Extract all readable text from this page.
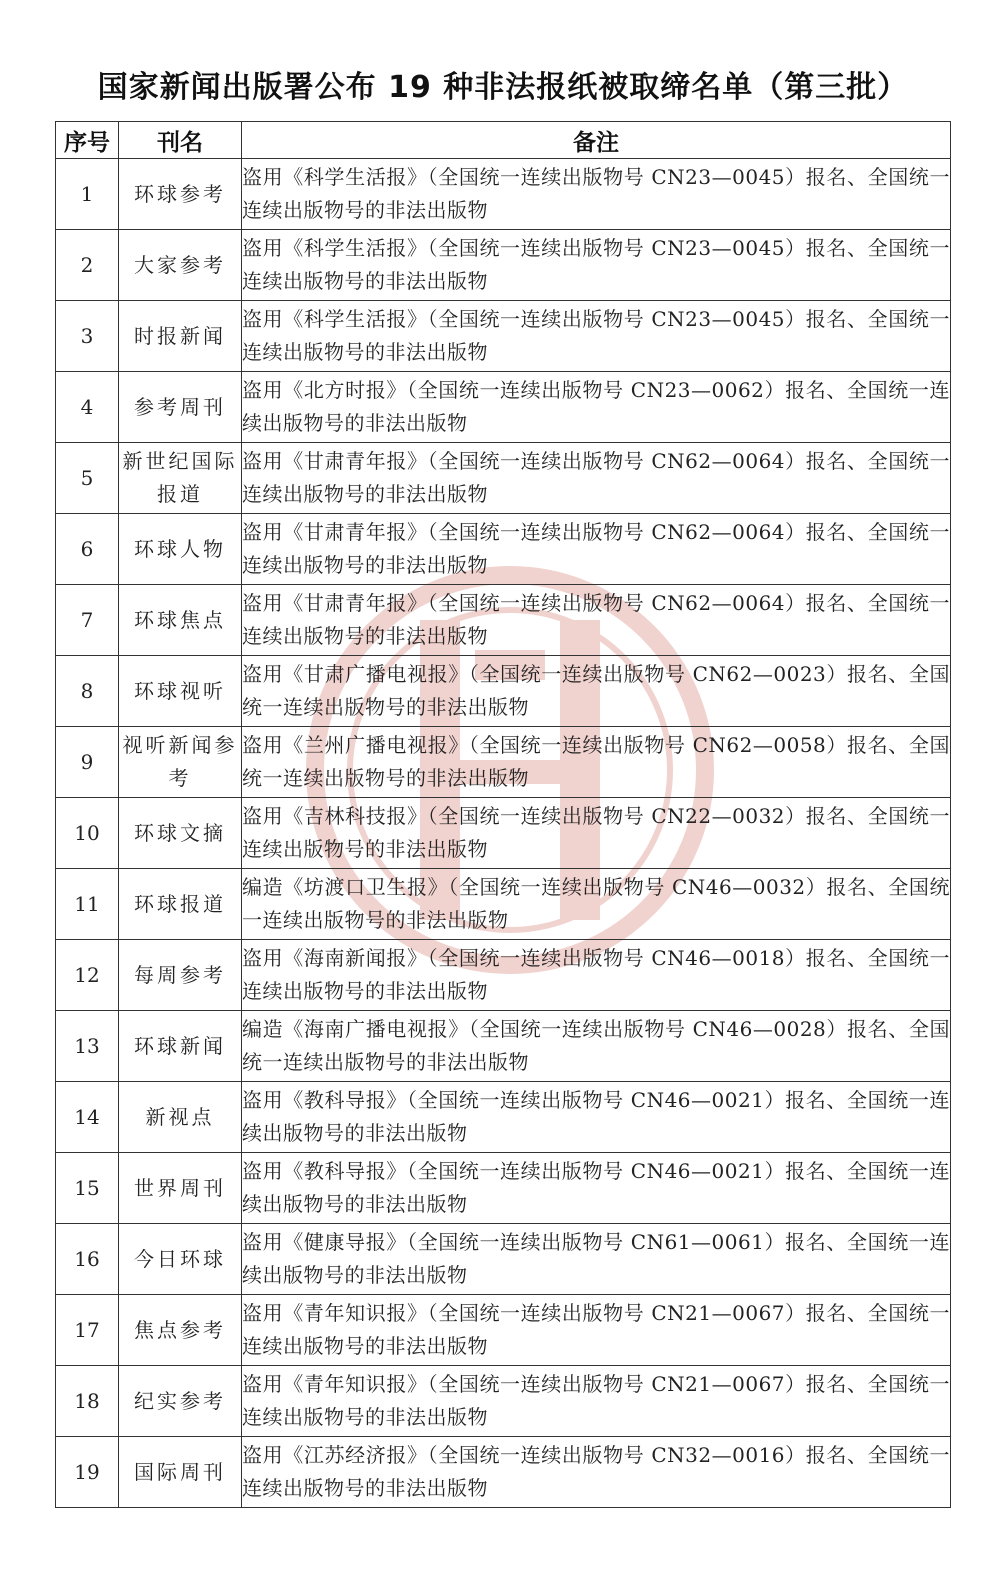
国家新闻出版署公布 19 种非法报纸被取缔名单（第三批）
序号	刊名	备注
1	环球参考	盗用《科学生活报》（全国统一连续出版物号 CN23—0045）报名、全国统一连续出版物号的非法出版物
2	大家参考	盗用《科学生活报》（全国统一连续出版物号 CN23—0045）报名、全国统一连续出版物号的非法出版物
3	时报新闻	盗用《科学生活报》（全国统一连续出版物号 CN23—0045）报名、全国统一连续出版物号的非法出版物
4	参考周刊	盗用《北方时报》（全国统一连续出版物号 CN23—0062）报名、全国统一连续出版物号的非法出版物
5	新世纪国际报道	盗用《甘肃青年报》（全国统一连续出版物号 CN62—0064）报名、全国统一连续出版物号的非法出版物
6	环球人物	盗用《甘肃青年报》（全国统一连续出版物号 CN62—0064）报名、全国统一连续出版物号的非法出版物
7	环球焦点	盗用《甘肃青年报》（全国统一连续出版物号 CN62—0064）报名、全国统一连续出版物号的非法出版物
8	环球视听	盗用《甘肃广播电视报》（全国统一连续出版物号 CN62—0023）报名、全国统一连续出版物号的非法出版物
9	视听新闻参考	盗用《兰州广播电视报》（全国统一连续出版物号 CN62—0058）报名、全国统一连续出版物号的非法出版物
10	环球文摘	盗用《吉林科技报》（全国统一连续出版物号 CN22—0032）报名、全国统一连续出版物号的非法出版物
11	环球报道	编造《坊渡口卫生报》（全国统一连续出版物号 CN46—0032）报名、全国统一连续出版物号的非法出版物
12	每周参考	盗用《海南新闻报》（全国统一连续出版物号 CN46—0018）报名、全国统一连续出版物号的非法出版物
13	环球新闻	编造《海南广播电视报》（全国统一连续出版物号 CN46—0028）报名、全国统一连续出版物号的非法出版物
14	新视点	盗用《教科导报》（全国统一连续出版物号 CN46—0021）报名、全国统一连续出版物号的非法出版物
15	世界周刊	盗用《教科导报》（全国统一连续出版物号 CN46—0021）报名、全国统一连续出版物号的非法出版物
16	今日环球	盗用《健康导报》（全国统一连续出版物号 CN61—0061）报名、全国统一连续出版物号的非法出版物
17	焦点参考	盗用《青年知识报》（全国统一连续出版物号 CN21—0067）报名、全国统一连续出版物号的非法出版物
18	纪实参考	盗用《青年知识报》（全国统一连续出版物号 CN21—0067）报名、全国统一连续出版物号的非法出版物
19	国际周刊	盗用《江苏经济报》（全国统一连续出版物号 CN32—0016）报名、全国统一连续出版物号的非法出版物
